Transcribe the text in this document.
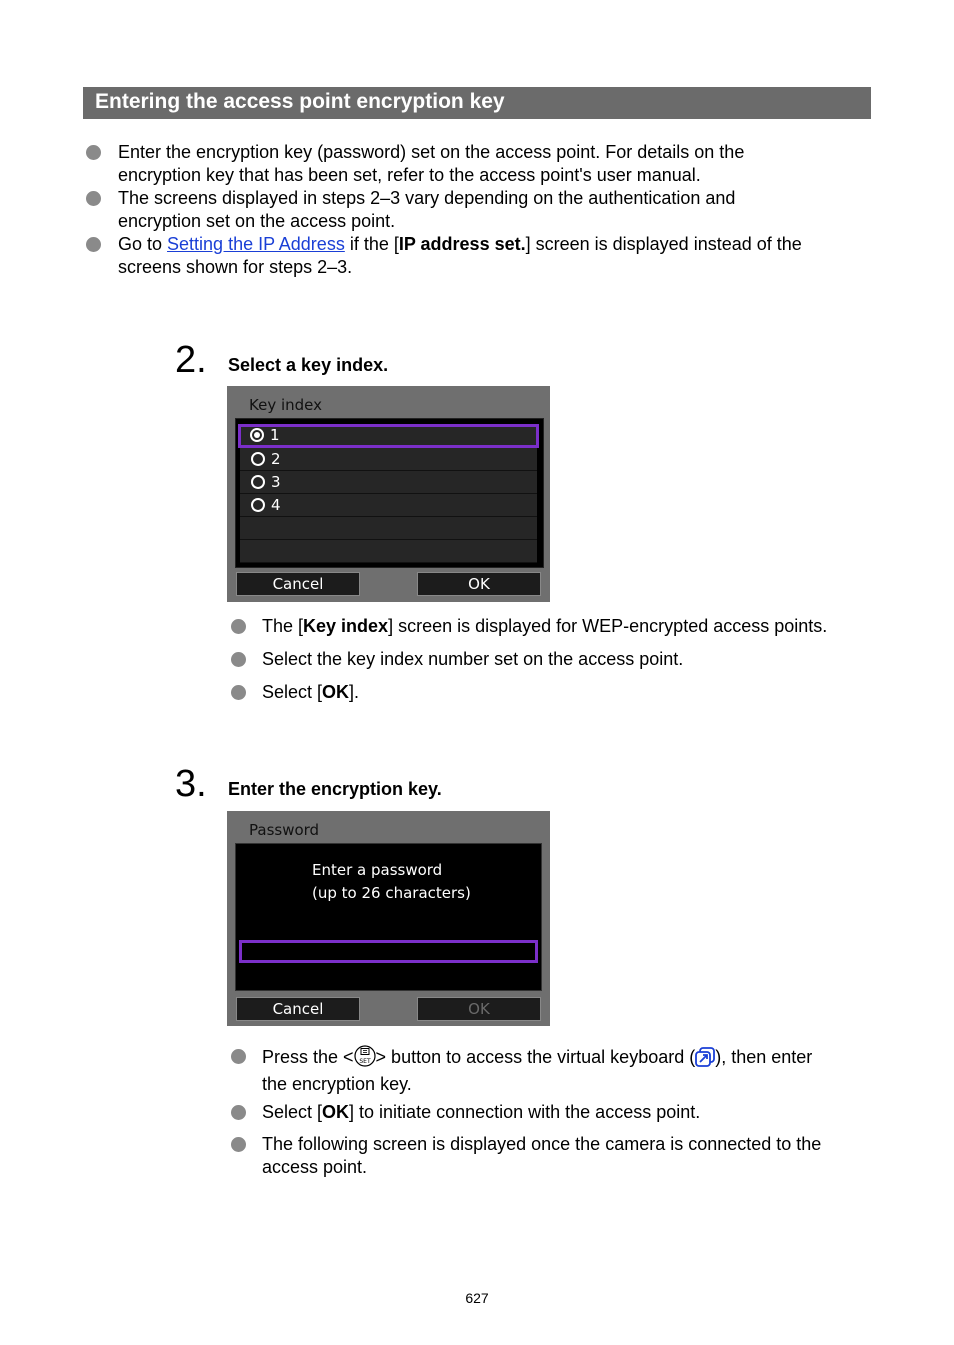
Entering the access point encryption key
Enter the encryption key (password) set on the access point. For details on the
encryption key that has been set, refer to the access point's user manual.
The screens displayed in steps 2–3 vary depending on the authentication and
encryption set on the access point.
Go to Setting the IP Address if the [IP address set.] screen is displayed instead of the
screens shown for steps 2–3.
2. Select a key index.
Key index
1
2
3
4
Cancel	OK
The [Key index] screen is displayed for WEP-encrypted access points.
Select the key index number set on the access point.
Select [OK].
3. Enter the encryption key.
Password
Enter a password
(up to 26 characters)
Cancel	OK
Press the < SET > button to access the virtual keyboard ( ), then enter
the encryption key.
Select [OK] to initiate connection with the access point.
The following screen is displayed once the camera is connected to the
access point.
627
